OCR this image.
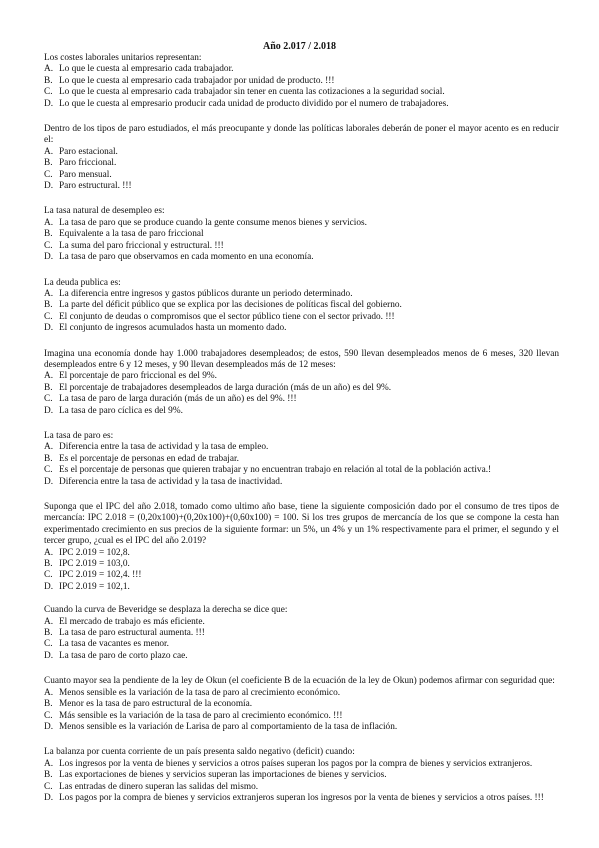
Año 2.017 / 2.018
Los costes laborales unitarios representan:
A. Lo que le cuesta al empresario cada trabajador.
B. Lo que le cuesta al empresario cada trabajador por unidad de producto. !!!
C. Lo que le cuesta al empresario cada trabajador sin tener en cuenta las cotizaciones a la seguridad social.
D. Lo que le cuesta al empresario producir cada unidad de producto dividido por el numero de trabajadores.
Dentro de los tipos de paro estudiados, el más preocupante y donde las políticas laborales deberán de poner el mayor acento es en reducir el:
A. Paro estacional.
B. Paro friccional.
C. Paro mensual.
D. Paro estructural. !!!
La tasa natural de desempleo es:
A. La tasa de paro que se produce cuando la gente consume menos bienes y servicios.
B. Equivalente a la tasa de paro friccional
C. La suma del paro friccional y estructural. !!!
D. La tasa de paro que observamos en cada momento en una economía.
La deuda publica es:
A. La diferencia entre ingresos y gastos públicos durante un periodo determinado.
B. La parte del déficit público que se explica por las decisiones de políticas fiscal del gobierno.
C. El conjunto de deudas o compromisos que el sector público tiene con el sector privado. !!!
D. El conjunto de ingresos acumulados hasta un momento dado.
Imagina una economía donde hay 1.000 trabajadores desempleados; de estos, 590 llevan desempleados menos de 6 meses, 320 llevan desempleados entre 6 y 12 meses, y 90 llevan desempleados más de 12 meses:
A. El porcentaje de paro friccional es del 9%.
B. El porcentaje de trabajadores desempleados de larga duración (más de un año) es del 9%.
C. La tasa de paro de larga duración (más de un año) es del 9%. !!!
D. La tasa de paro cíclica es del 9%.
La tasa de paro es:
A. Diferencia entre la tasa de actividad y la tasa de empleo.
B. Es el porcentaje de personas en edad de trabajar.
C. Es el porcentaje de personas que quieren trabajar y no encuentran trabajo en relación al total de la población activa.!
D. Diferencia entre la tasa de actividad y la tasa de inactividad.
Suponga que el IPC del año 2.018, tomado como ultimo año base, tiene la siguiente composición dado por el consumo de tres tipos de mercancía: IPC 2.018 = (0,20x100)+(0,20x100)+(0,60x100) = 100. Si los tres grupos de mercancía de los que se compone la cesta han experimentado crecimiento en sus precios de la siguiente formar: un 5%, un 4% y un 1% respectivamente para el primer, el segundo y el tercer grupo, ¿cual es el IPC del año 2.019?
A. IPC 2.019 = 102,8.
B. IPC 2.019 = 103,0.
C. IPC 2.019 = 102,4. !!!
D. IPC 2.019 = 102,1.
Cuando la curva de Beveridge se desplaza la derecha se dice que:
A. El mercado de trabajo es más eficiente.
B. La tasa de paro estructural aumenta. !!!
C. La tasa de vacantes es menor.
D. La tasa de paro de corto plazo cae.
Cuanto mayor sea la pendiente de la ley de Okun (el coeficiente B de la ecuación de la ley de Okun) podemos afirmar con seguridad que:
A. Menos sensible es la variación de la tasa de paro al crecimiento económico.
B. Menor es la tasa de paro estructural de la economía.
C. Más sensible es la variación de la tasa de paro al crecimiento económico. !!!
D. Menos sensible es la variación de Larisa de paro al comportamiento de la tasa de inflación.
La balanza por cuenta corriente de un país presenta saldo negativo (deficit) cuando:
A. Los ingresos por la venta de bienes y servicios a otros países superan los pagos por la compra de bienes y servicios extranjeros.
B. Las exportaciones de bienes y servicios superan las importaciones de bienes y servicios.
C. Las entradas de dinero superan las salidas del mismo.
D. Los pagos por la compra de bienes y servicios extranjeros superan los ingresos por la venta de bienes y servicios a otros países. !!!
